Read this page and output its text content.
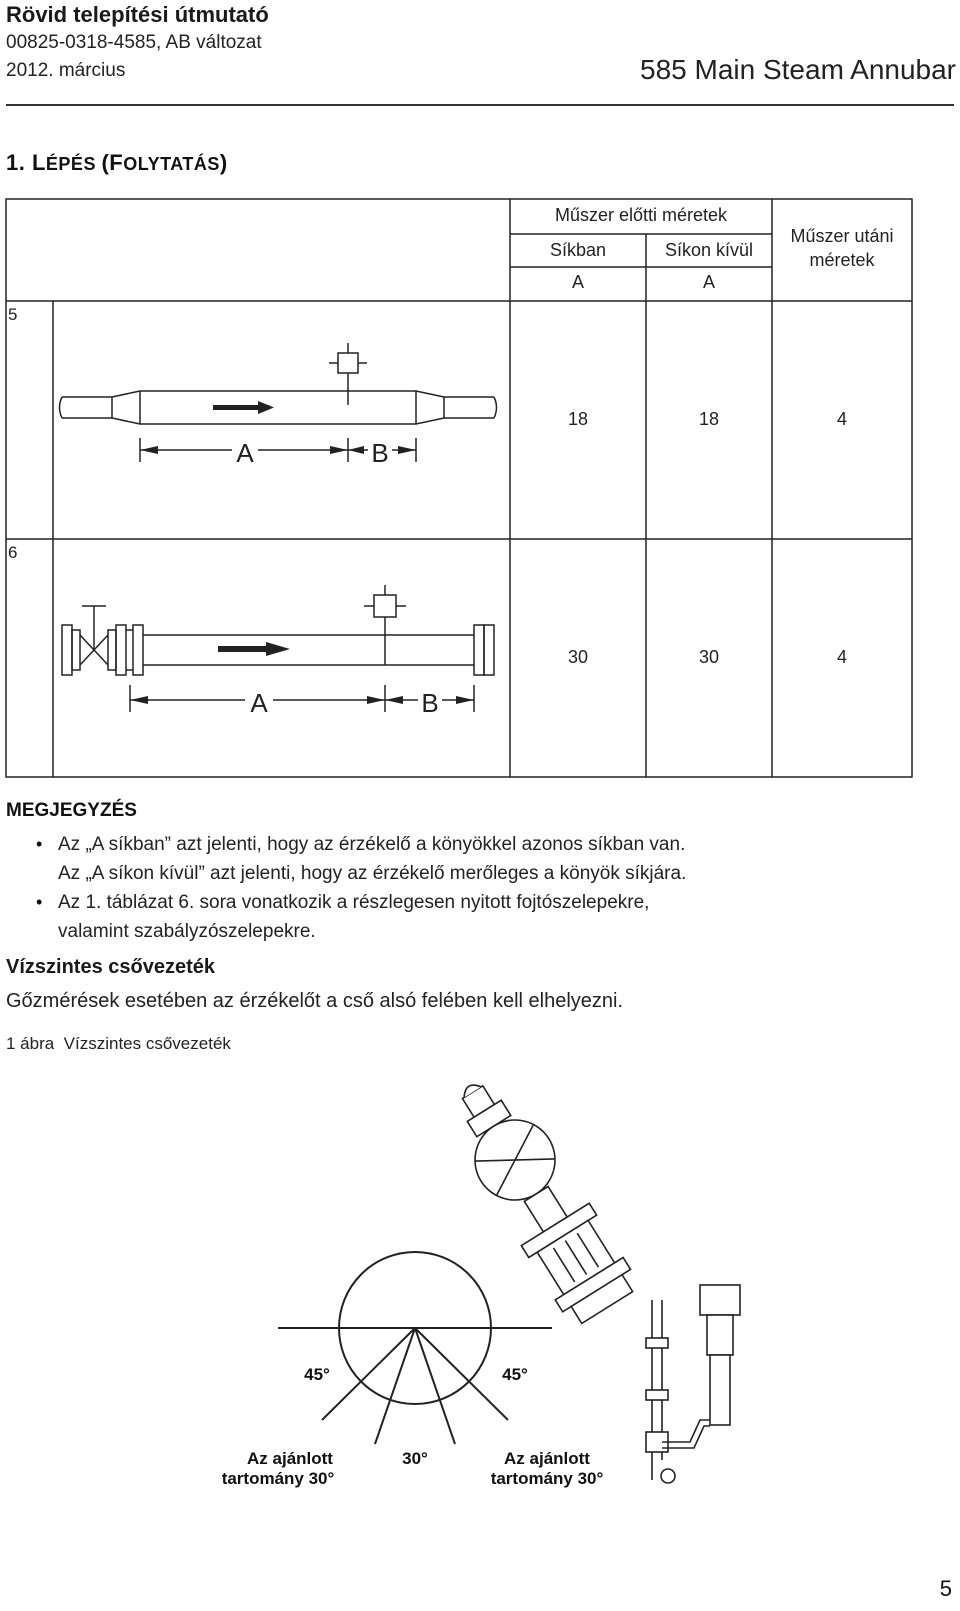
Rövid telepítési útmutató
00825-0318-4585, AB változat
2012. március	585 Main Steam Annubar
1. LÉPÉS (FOLYTATÁS)
Műszer előtti méretek
Síkban	Síkon kívül
A	A
Műszer utáni
méretek
5
18	18	4
6
30	30	4
A	B
A	B
MEGJEGYZÉS
• Az „A síkban” azt jelenti, hogy az érzékelő a könyökkel azonos síkban van.
Az „A síkon kívül” azt jelenti, hogy az érzékelő merőleges a könyök síkjára.
• Az 1. táblázat 6. sora vonatkozik a részlegesen nyitott fojtószelepekre,
valamint szabályzószelepekre.
Vízszintes csővezeték
Gőzmérések esetében az érzékelőt a cső alsó felében kell elhelyezni.
1 ábra Vízszintes csővezeték
45°	45°
30°
Az ajánlott
tartomány 30°
Az ajánlott
tartomány 30°
5
